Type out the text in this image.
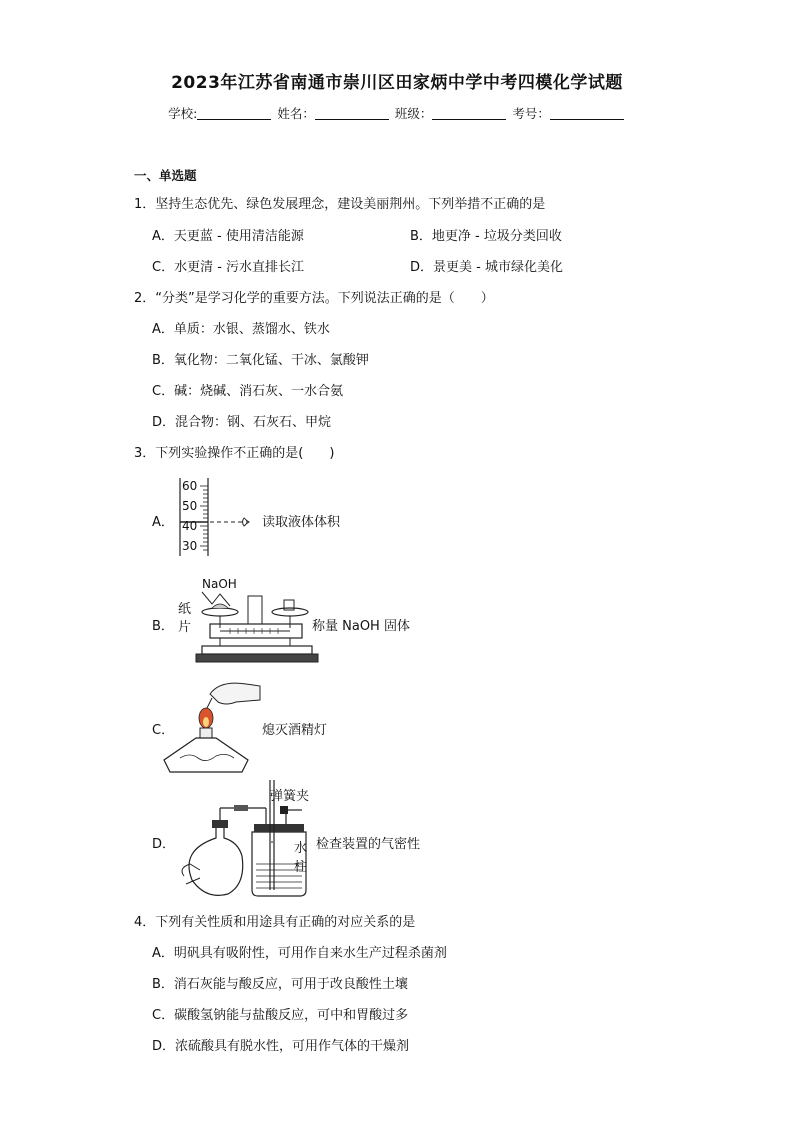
2023年江苏省南通市崇川区田家炳中学中考四模化学试题
学校:	姓名：	班级：	考号：
一、单选题
1．坚持生态优先、绿色发展理念，建设美丽荆州。下列举措不正确的是
A．天更蓝 - 使用清洁能源	B．地更净 - 垃圾分类回收
C．水更清 - 污水直排长江	D．景更美 - 城市绿化美化
2．“分类”是学习化学的重要方法。下列说法正确的是（　　）
A．单质：水银、蒸馏水、铁水
B．氧化物：二氧化锰、干冰、氯酸钾
C．碱：烧碱、消石灰、一水合氨
D．混合物：钢、石灰石、甲烷
3．下列实验操作不正确的是(　　)
A．
60
50
40
30
读取液体体积
B．
NaOH
纸
片	称量 NaOH 固体
C．	熄灭酒精灯
D．
弹簧夹
检查装置的气密性
水
柱
4．下列有关性质和用途具有正确的对应关系的是
A．明矾具有吸附性，可用作自来水生产过程杀菌剂
B．消石灰能与酸反应，可用于改良酸性土壤
C．碳酸氢钠能与盐酸反应，可中和胃酸过多
D．浓硫酸具有脱水性，可用作气体的干燥剂
